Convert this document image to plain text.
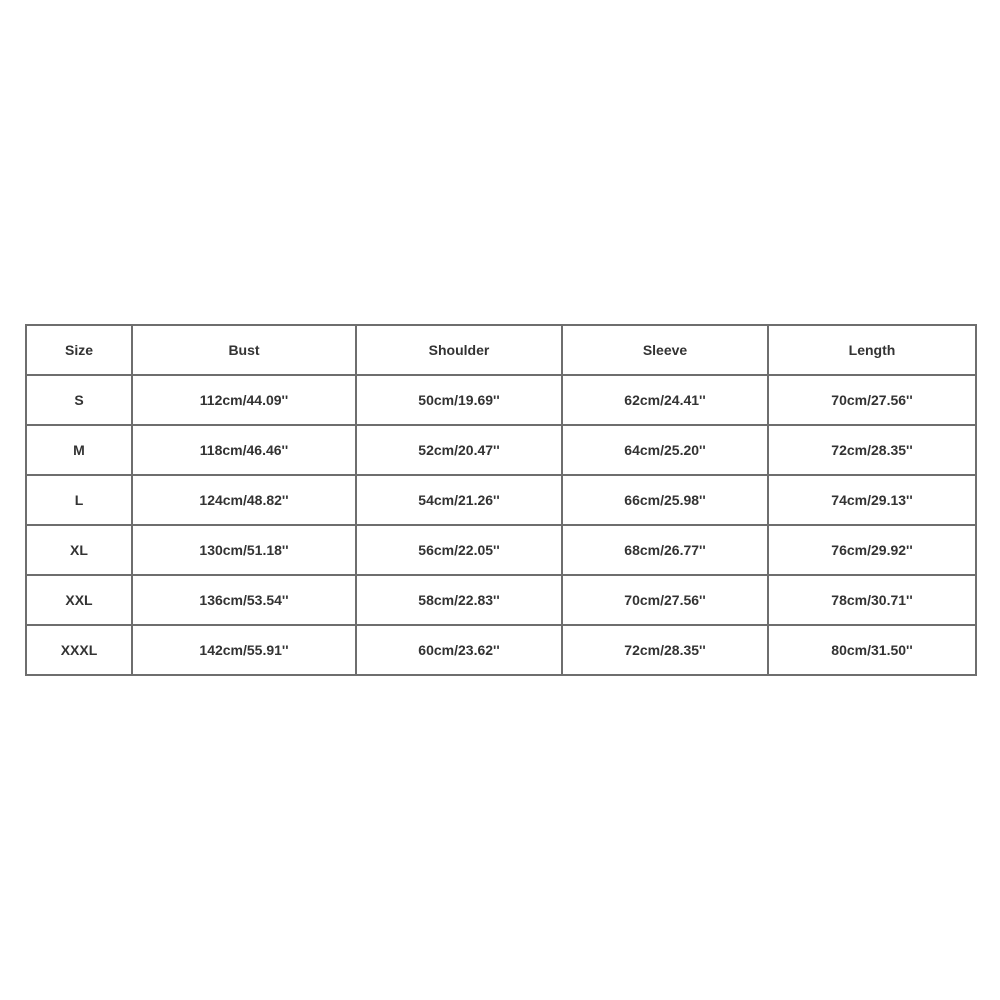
Size	Bust	Shoulder	Sleeve	Length
S	112cm/44.09''	50cm/19.69''	62cm/24.41''	70cm/27.56''
M	118cm/46.46''	52cm/20.47''	64cm/25.20''	72cm/28.35''
L	124cm/48.82''	54cm/21.26''	66cm/25.98''	74cm/29.13''
XL	130cm/51.18''	56cm/22.05''	68cm/26.77''	76cm/29.92''
XXL	136cm/53.54''	58cm/22.83''	70cm/27.56''	78cm/30.71''
XXXL	142cm/55.91''	60cm/23.62''	72cm/28.35''	80cm/31.50''
